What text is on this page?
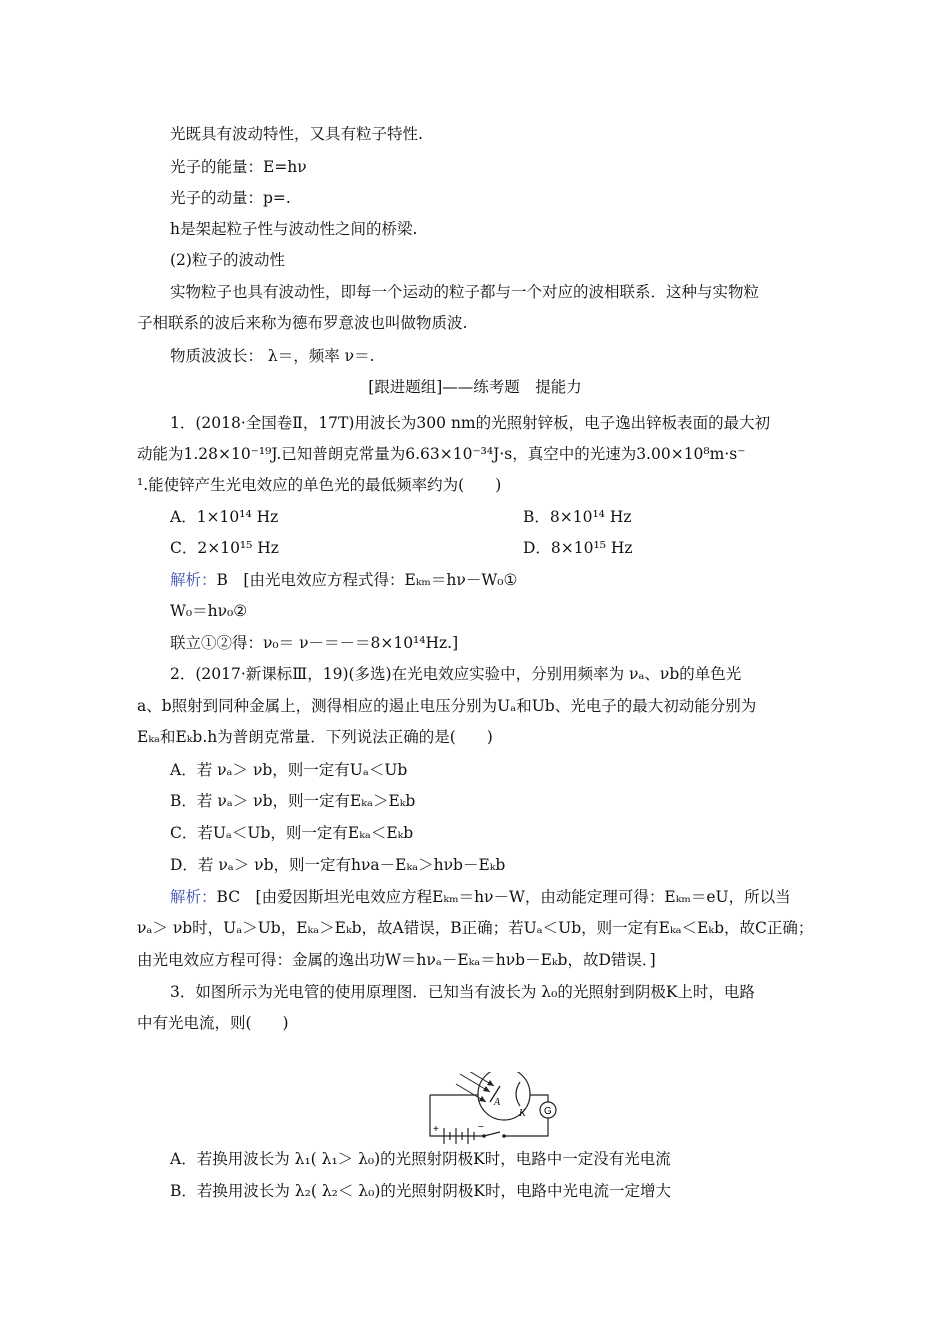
光既具有波动特性，又具有粒子特性.
光子的能量：E=hν
光子的动量：p=.
h是架起粒子性与波动性之间的桥梁.
(2)粒子的波动性
实物粒子也具有波动性，即每一个运动的粒子都与一个对应的波相联系．这种与实物粒
子相联系的波后来称为德布罗意波也叫做物质波.
物质波波长： λ＝，频率 ν＝.
[跟进题组]——练考题　提能力
1．(2018·全国卷Ⅱ，17T)用波长为300 nm的光照射锌板，电子逸出锌板表面的最大初
动能为1.28×10⁻¹⁹J.已知普朗克常量为6.63×10⁻³⁴J·s，真空中的光速为3.00×10⁸m·s⁻
¹.能使锌产生光电效应的单色光的最低频率约为(　　)
A．1×10¹⁴ Hz	B．8×10¹⁴ Hz
C．2×10¹⁵ Hz	D．8×10¹⁵ Hz
解析：B　[由光电效应方程式得：Eₖₘ＝hν－W₀①
W₀＝hν₀②
联立①②得：ν₀＝ ν－＝－＝8×10¹⁴Hz.]
2．(2017·新课标Ⅲ，19)(多选)在光电效应实验中，分别用频率为 νₐ、νb的单色光
a、b照射到同种金属上，测得相应的遏止电压分别为Uₐ和Ub、光电子的最大初动能分别为
Eₖₐ和Eₖb.h为普朗克常量．下列说法正确的是(　　)
A．若 νₐ＞ νb，则一定有Uₐ＜Ub
B．若 νₐ＞ νb，则一定有Eₖₐ＞Eₖb
C．若Uₐ＜Ub，则一定有Eₖₐ＜Eₖb
D．若 νₐ＞ νb，则一定有hνa－Eₖₐ＞hνb－Eₖb
解析：BC　[由爱因斯坦光电效应方程Eₖₘ＝hν－W，由动能定理可得：Eₖₘ＝eU，所以当
νₐ＞ νb时，Uₐ＞Ub，Eₖₐ＞Eₖb，故A错误，B正确；若Uₐ＜Ub，则一定有Eₖₐ＜Eₖb，故C正确；
由光电效应方程可得：金属的逸出功W＝hνₐ－Eₖₐ＝hνb－Eₖb，故D错误．]
3．如图所示为光电管的使用原理图．已知当有波长为 λ₀的光照射到阴极K上时，电路
中有光电流，则(　　)
A
K G
+	−
A．若换用波长为 λ₁( λ₁＞ λ₀)的光照射阴极K时，电路中一定没有光电流
B．若换用波长为 λ₂( λ₂＜ λ₀)的光照射阴极K时，电路中光电流一定增大
